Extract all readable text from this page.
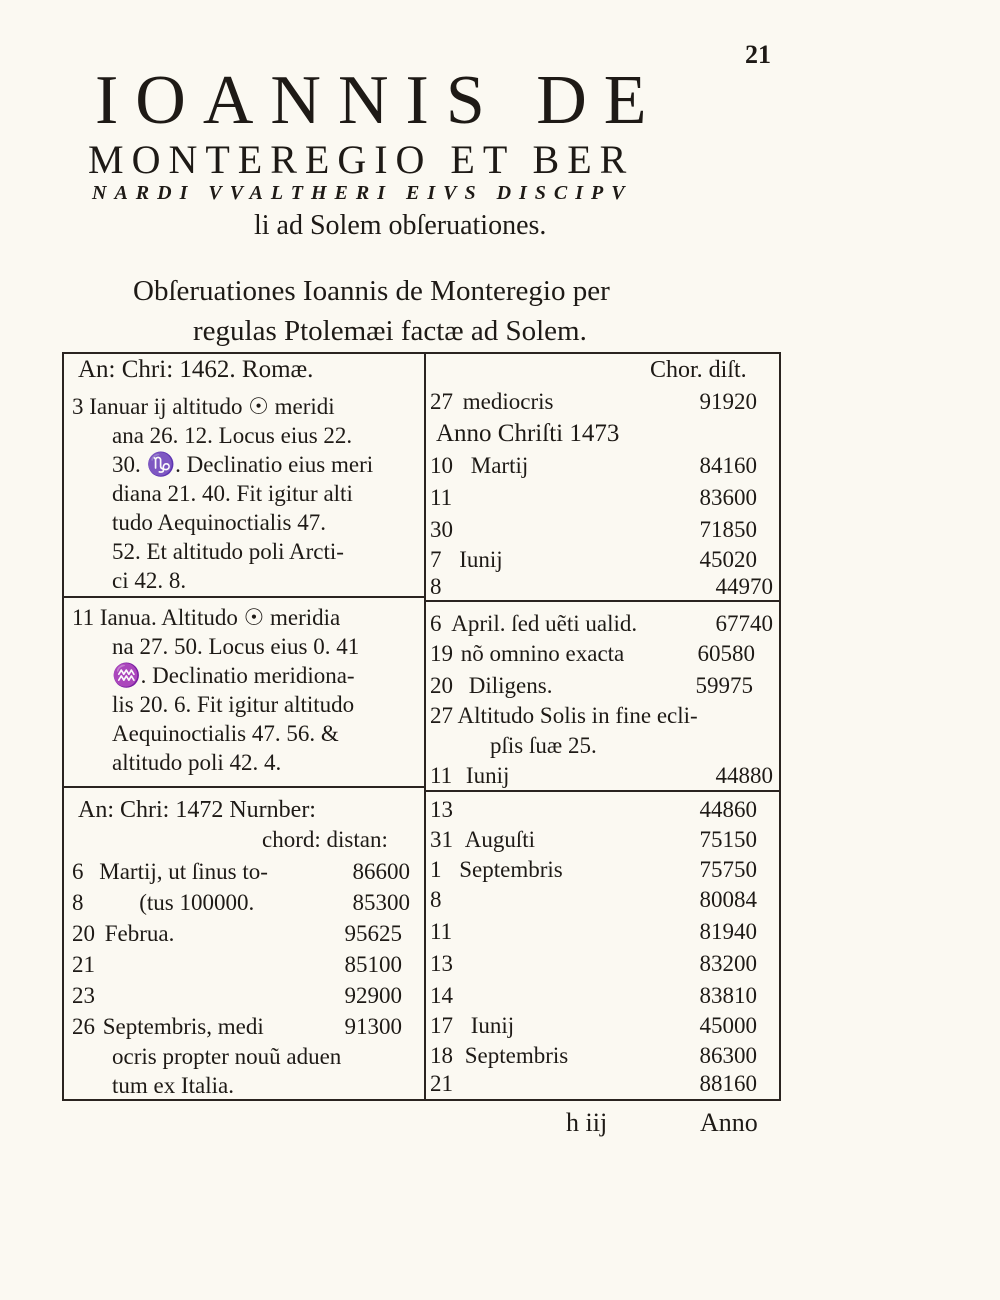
21
IOANNIS DE
MONTEREGIO ET BER
NARDI VVALTHERI EIVS DISCIPV
li ad Solem obſeruationes.
Obſeruationes Ioannis de Monteregio per
regulas Ptolemæi factæ ad Solem.
An: Chri: 1462. Romæ.
3 Ianuar ij altitudo ☉ meridi
ana 26. 12. Locus eius 22.
30. ♑. Declinatio eius meri
diana 21. 40. Fit igitur alti
tudo Aequinoctialis 47.
52. Et altitudo poli Arcti-
ci 42. 8.
11 Ianua. Altitudo ☉ meridia
na 27. 50. Locus eius 0. 41
♒. Declinatio meridiona-
lis 20. 6. Fit igitur altitudo
Aequinoctialis 47. 56. &
altitudo poli 42. 4.
An: Chri: 1472 Nurnber:
chord: distan:
6 Martij, ut ſinus to-	86600
8 (tus 100000.	85300
20 Februa.	95625
21	85100
23	92900
26 Septembris, medi	91300
ocris propter nouũ aduen
tum ex Italia.
Chor. diſt.
27 mediocris	91920
Anno Chriſti 1473
10 Martij	84160
11	83600
30	71850
7 Iunij	45020
8	44970
6 April. ſed uẽti ualid.	67740
19 nõ omnino exacta	60580
20 Diligens.	59975
27 Altitudo Solis in fine ecli-
pſis ſuæ 25.
11 Iunij	44880
13	44860
31 Auguſti	75150
1 Septembris	75750
8	80084
11	81940
13	83200
14	83810
17 Iunij	45000
18 Septembris	86300
21	88160
h iij	Anno
